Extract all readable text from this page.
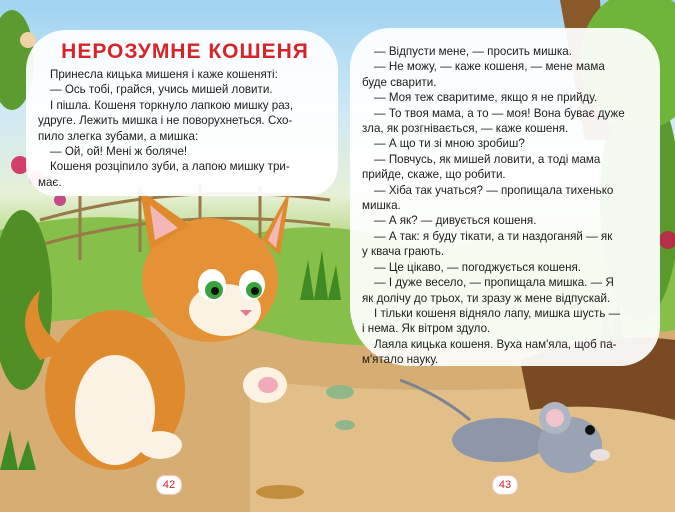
НЕРОЗУМНЕ КОШЕНЯ
Принесла кицька мишеня і каже кошеняті:
— Ось тобі, грайся, учись мишей ловити.
І пішла. Кошеня торкнуло лапкою мишку раз,
удруге. Лежить мишка і не поворухнеться. Схо-
пило злегка зубами, а мишка:
— Ой, ой! Мені ж боляче!
Кошеня розціпило зуби, а лапою мишку три-
має.
— Відпусти мене, — просить мишка.
— Не можу, — каже кошеня, — мене мама
буде сварити.
— Моя теж сваритиме, якщо я не прийду.
— То твоя мама, а то — моя! Вона буває дуже
зла, як розгнівається, — каже кошеня.
— А що ти зі мною зробиш?
— Повчусь, як мишей ловити, а тоді мама
прийде, скаже, що робити.
— Хіба так учаться? — пропищала тихенько
мишка.
— А як? — дивується кошеня.
— А так: я буду тікати, а ти наздоганяй — як
у квача грають.
— Це цікаво, — погоджується кошеня.
— І дуже весело, — пропищала мишка. — Я
як долічу до трьох, ти зразу ж мене відпускай.
І тільки кошеня відняло лапу, мишка шусть —
і нема. Як вітром здуло.
Лаяла кицька кошеня. Вуха нам'яла, щоб па-
м'ятало науку.
42	43
